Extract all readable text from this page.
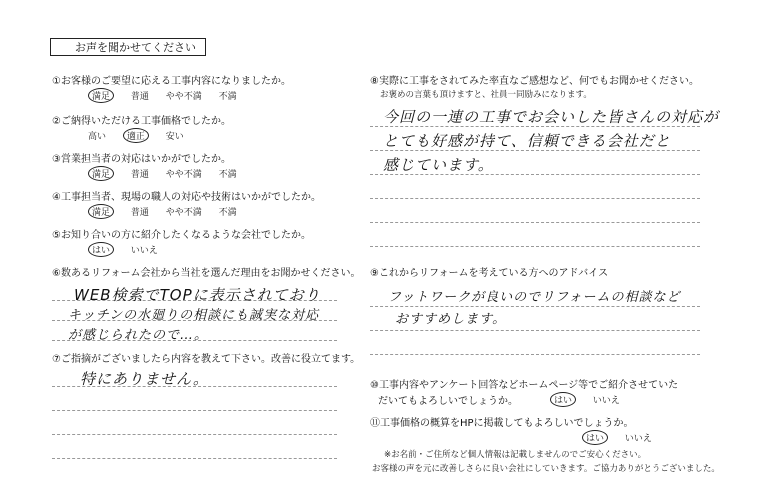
お声を聞かせてください
①お客様のご要望に応える工事内容になりましたか。
満足 普通 やや不満 不満
②ご納得いただける工事価格でしたか。
高い 適正 安い
③営業担当者の対応はいかがでしたか。
満足 普通 やや不満 不満
④工事担当者、現場の職人の対応や技術はいかがでしたか。
満足 普通 やや不満 不満
⑤お知り合いの方に紹介したくなるような会社でしたか。
はい いいえ
⑥数あるリフォーム会社から当社を選んだ理由をお聞かせください。
WEB検索でTOPに表示されており
キッチンの水廻りの相談にも誠実な対応
が感じられたので…。
⑦ご指摘がございましたら内容を教えて下さい。改善に役立てます。
特にありません。
⑧実際に工事をされてみた率直なご感想など、何でもお聞かせください。
お褒めの言葉も頂けますと、社員一同励みになります。
今回の一連の工事でお会いした皆さんの対応が
とても好感が持て、信頼できる会社だと
感じています。
⑨これからリフォームを考えている方へのアドバイス
フットワークが良いのでリフォームの相談など
おすすめします。
⑩工事内容やアンケート回答などホームページ等でご紹介させていた
だいてもよろしいでしょうか。	はい いいえ
⑪工事価格の概算をHPに掲載してもよろしいでしょうか。
はい いいえ
※お名前・ご住所など個人情報は記載しませんのでご安心ください。
お客様の声を元に改善しさらに良い会社にしていきます。ご協力ありがとうございました。
